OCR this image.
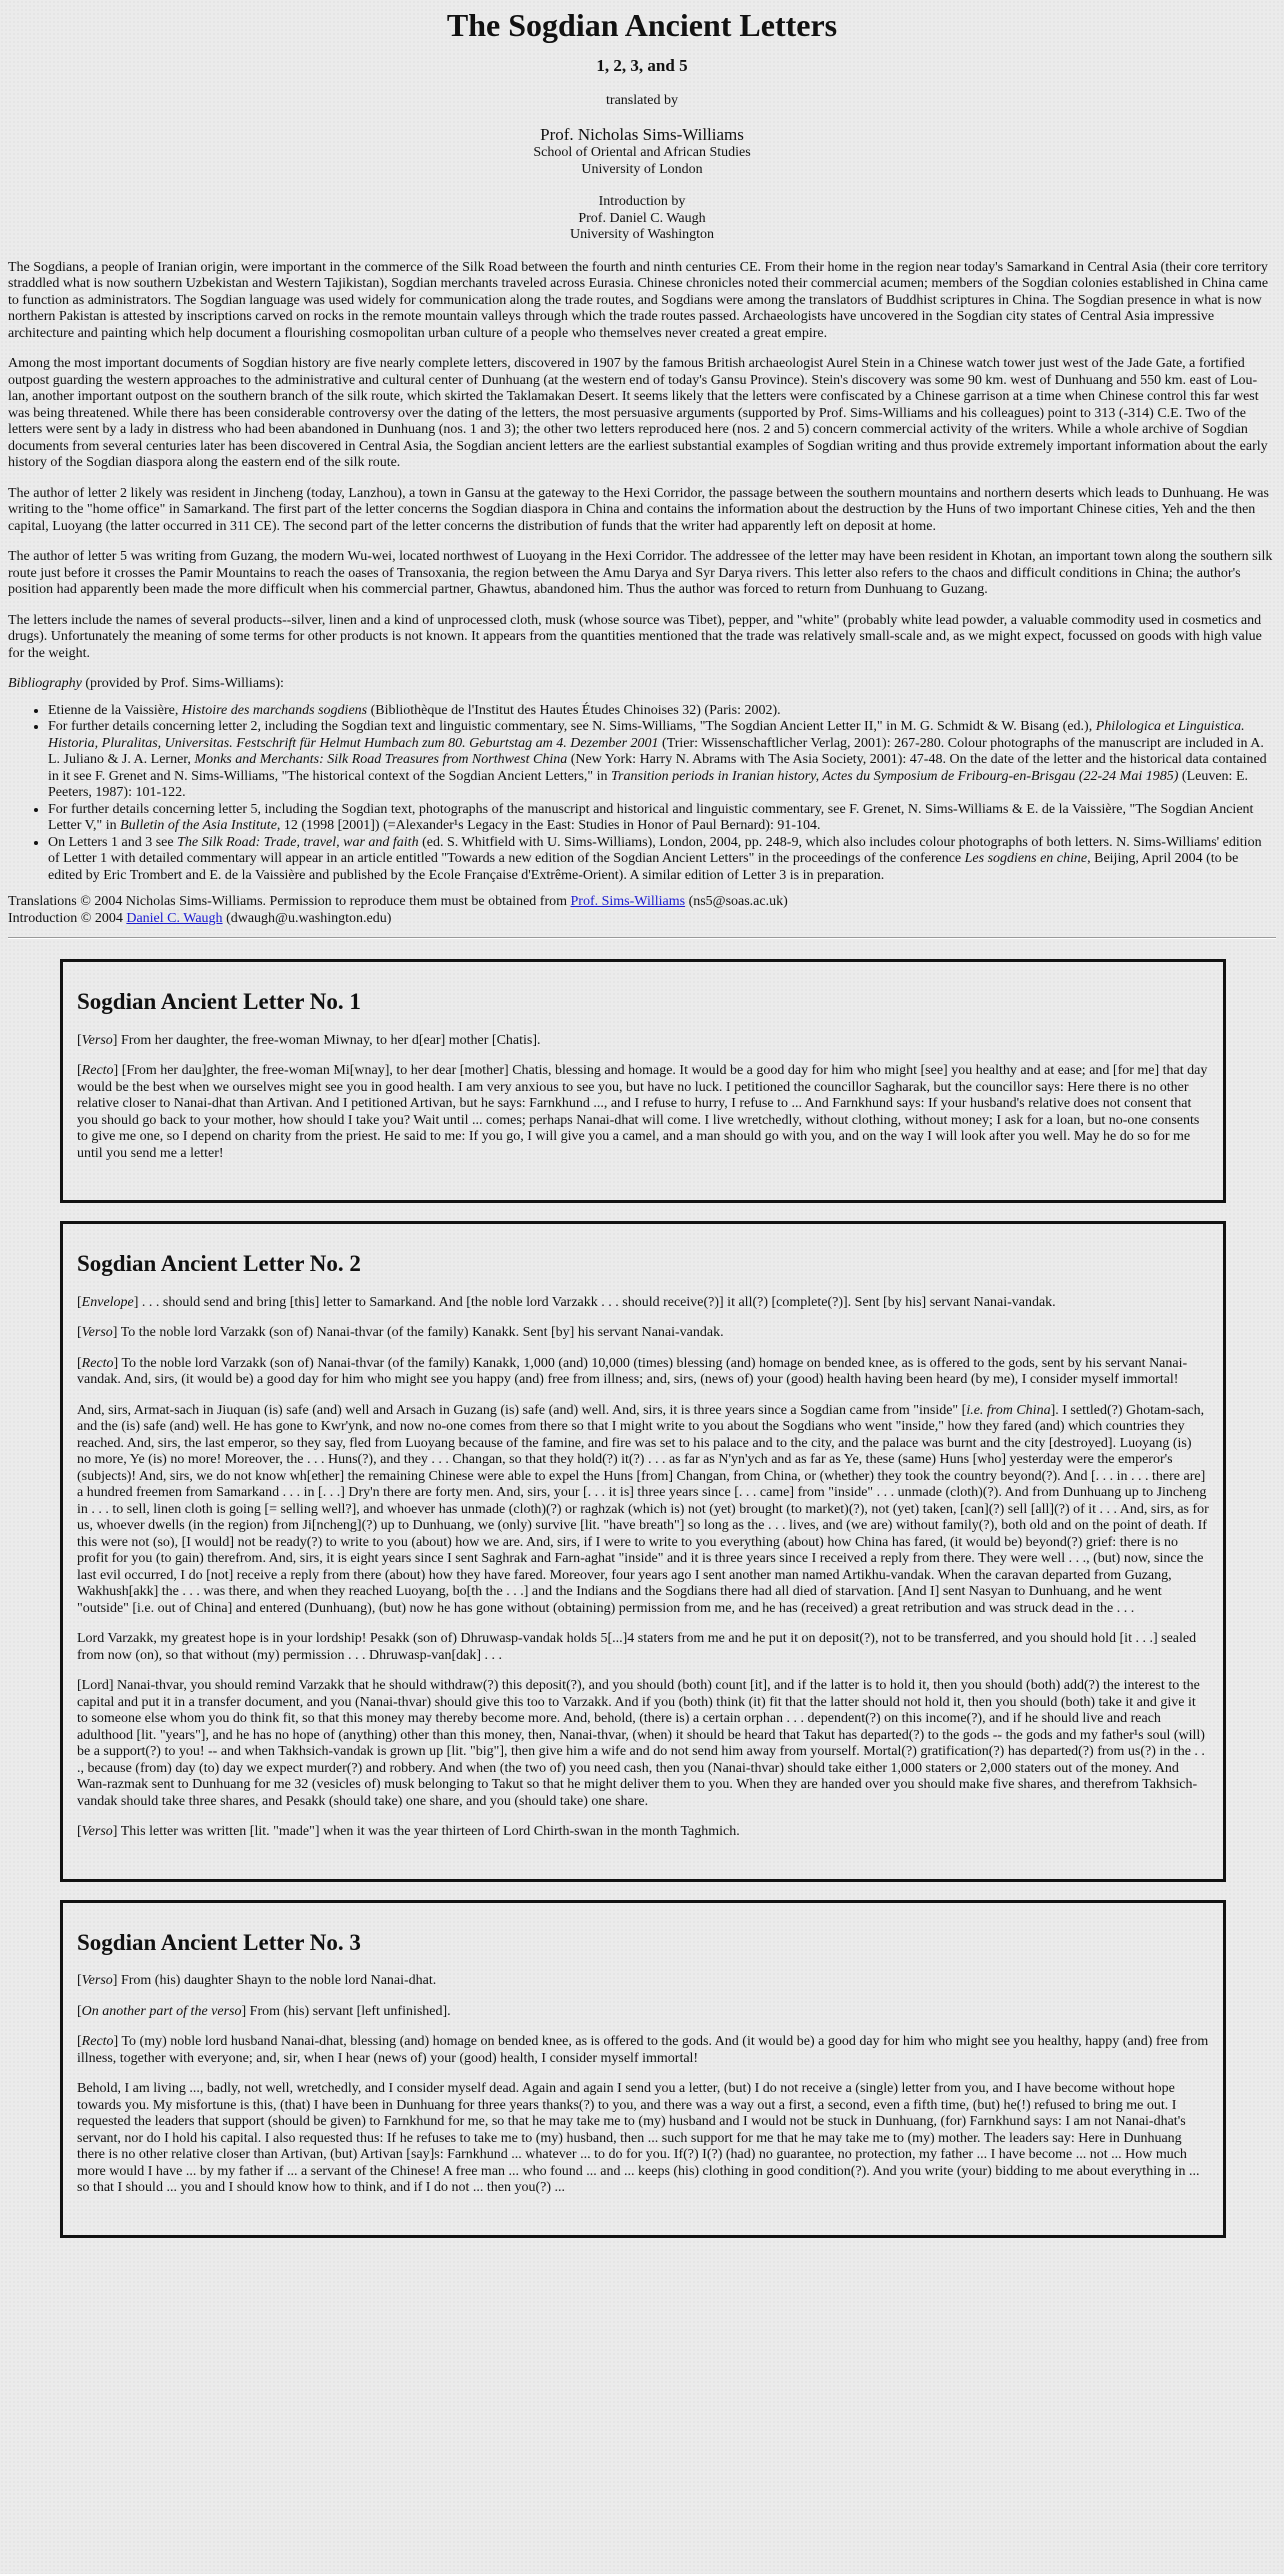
The Sogdian Ancient Letters
1, 2, 3, and 5

translated by

Prof. Nicholas Sims-Williams

School of Oriental and African Studies

University of London

Introduction by

Prof. Daniel C. Waugh

University of Washington

The Sogdians, a people of Iranian origin, were important in the commerce of the Silk Road between the fourth and ninth centuries CE. From their home in the region near today's Samarkand in Central Asia (their core territory straddled what is now southern Uzbekistan and Western Tajikistan), Sogdian merchants traveled across Eurasia. Chinese chronicles noted their commercial acumen; members of the Sogdian colonies established in China came to function as administrators. The Sogdian language was used widely for communication along the trade routes, and Sogdians were among the translators of Buddhist scriptures in China. The Sogdian presence in what is now northern Pakistan is attested by inscriptions carved on rocks in the remote mountain valleys through which the trade routes passed. Archaeologists have uncovered in the Sogdian city states of Central Asia impressive architecture and painting which help document a flourishing cosmopolitan urban culture of a people who themselves never created a great empire.

Among the most important documents of Sogdian history are five nearly complete letters, discovered in 1907 by the famous British archaeologist Aurel Stein in a Chinese watch tower just west of the Jade Gate, a fortified outpost guarding the western approaches to the administrative and cultural center of Dunhuang (at the western end of today's Gansu Province). Stein's discovery was some 90 km. west of Dunhuang and 550 km. east of Lou-lan, another important outpost on the southern branch of the silk route, which skirted the Taklamakan Desert. It seems likely that the letters were confiscated by a Chinese garrison at a time when Chinese control this far west was being threatened. While there has been considerable controversy over the dating of the letters, the most persuasive arguments (supported by Prof. Sims-Williams and his colleagues) point to 313 (-314) C.E. Two of the letters were sent by a lady in distress who had been abandoned in Dunhuang (nos. 1 and 3); the other two letters reproduced here (nos. 2 and 5) concern commercial activity of the writers. While a whole archive of Sogdian documents from several centuries later has been discovered in Central Asia, the Sogdian ancient letters are the earliest substantial examples of Sogdian writing and thus provide extremely important information about the early history of the Sogdian diaspora along the eastern end of the silk route.

The author of letter 2 likely was resident in Jincheng (today, Lanzhou), a town in Gansu at the gateway to the Hexi Corridor, the passage between the southern mountains and northern deserts which leads to Dunhuang. He was writing to the "home office" in Samarkand. The first part of the letter concerns the Sogdian diaspora in China and contains the information about the destruction by the Huns of two important Chinese cities, Yeh and the then capital, Luoyang (the latter occurred in 311 CE). The second part of the letter concerns the distribution of funds that the writer had apparently left on deposit at home.

The author of letter 5 was writing from Guzang, the modern Wu-wei, located northwest of Luoyang in the Hexi Corridor. The addressee of the letter may have been resident in Khotan, an important town along the southern silk route just before it crosses the Pamir Mountains to reach the oases of Transoxania, the region between the Amu Darya and Syr Darya rivers. This letter also refers to the chaos and difficult conditions in China; the author's position had apparently been made the more difficult when his commercial partner, Ghawtus, abandoned him. Thus the author was forced to return from Dunhuang to Guzang.

The letters include the names of several products--silver, linen and a kind of unprocessed cloth, musk (whose source was Tibet), pepper, and "white" (probably white lead powder, a valuable commodity used in cosmetics and drugs). Unfortunately the meaning of some terms for other products is not known. It appears from the quantities mentioned that the trade was relatively small-scale and, as we might expect, focussed on goods with high value for the weight.

Bibliography (provided by Prof. Sims-Williams):

• Etienne de la Vaissière, Histoire des marchands sogdiens (Bibliothèque de l'Institut des Hautes Études Chinoises 32) (Paris: 2002).
• For further details concerning letter 2, including the Sogdian text and linguistic commentary, see N. Sims-Williams, "The Sogdian Ancient Letter II," in M. G. Schmidt & W. Bisang (ed.), Philologica et Linguistica. Historia, Pluralitas, Universitas. Festschrift für Helmut Humbach zum 80. Geburtstag am 4. Dezember 2001 (Trier: Wissenschaftlicher Verlag, 2001): 267-280. Colour photographs of the manuscript are included in A. L. Juliano & J. A. Lerner, Monks and Merchants: Silk Road Treasures from Northwest China (New York: Harry N. Abrams with The Asia Society, 2001): 47-48. On the date of the letter and the historical data contained in it see F. Grenet and N. Sims-Williams, "The historical context of the Sogdian Ancient Letters," in Transition periods in Iranian history, Actes du Symposium de Fribourg-en-Brisgau (22-24 Mai 1985) (Leuven: E. Peeters, 1987): 101-122.
• For further details concerning letter 5, including the Sogdian text, photographs of the manuscript and historical and linguistic commentary, see F. Grenet, N. Sims-Williams & E. de la Vaissière, "The Sogdian Ancient Letter V," in Bulletin of the Asia Institute, 12 (1998 [2001]) (=Alexander¹s Legacy in the East: Studies in Honor of Paul Bernard): 91-104.
• On Letters 1 and 3 see The Silk Road: Trade, travel, war and faith (ed. S. Whitfield with U. Sims-Williams), London, 2004, pp. 248-9, which also includes colour photographs of both letters. N. Sims-Williams' edition of Letter 1 with detailed commentary will appear in an article entitled "Towards a new edition of the Sogdian Ancient Letters" in the proceedings of the conference Les sogdiens en chine, Beijing, April 2004 (to be edited by Eric Trombert and E. de la Vaissière and published by the Ecole Française d'Extrême-Orient). A similar edition of Letter 3 is in preparation.
Translations © 2004 Nicholas Sims-Williams. Permission to reproduce them must be obtained from Prof. Sims-Williams (ns5@soas.ac.uk)
Introduction © 2004 Daniel C. Waugh (dwaugh@u.washington.edu)
Sogdian Ancient Letter No. 1

[Verso] From her daughter, the free-woman Miwnay, to her d[ear] mother [Chatis].

[Recto] [From her dau]ghter, the free-woman Mi[wnay], to her dear [mother] Chatis, blessing and homage. It would be a good day for him who might [see] you healthy and at ease; and [for me] that day would be the best when we ourselves might see you in good health. I am very anxious to see you, but have no luck. I petitioned the councillor Sagharak, but the councillor says: Here there is no other relative closer to Nanai-dhat than Artivan. And I petitioned Artivan, but he says: Farnkhund ..., and I refuse to hurry, I refuse to ... And Farnkhund says: If your husband's relative does not consent that you should go back to your mother, how should I take you? Wait until ... comes; perhaps Nanai-dhat will come. I live wretchedly, without clothing, without money; I ask for a loan, but no-one consents to give me one, so I depend on charity from the priest. He said to me: If you go, I will give you a camel, and a man should go with you, and on the way I will look after you well. May he do so for me until you send me a letter!

Sogdian Ancient Letter No. 2

[Envelope] . . . should send and bring [this] letter to Samarkand. And [the noble lord Varzakk . . . should receive(?)] it all(?) [complete(?)]. Sent [by his] servant Nanai-vandak.

[Verso] To the noble lord Varzakk (son of) Nanai-thvar (of the family) Kanakk. Sent [by] his servant Nanai-vandak.

[Recto] To the noble lord Varzakk (son of) Nanai-thvar (of the family) Kanakk, 1,000 (and) 10,000 (times) blessing (and) homage on bended knee, as is offered to the gods, sent by his servant Nanai-vandak. And, sirs, (it would be) a good day for him who might see you happy (and) free from illness; and, sirs, (news of) your (good) health having been heard (by me), I consider myself immortal!

And, sirs, Armat-sach in Jiuquan (is) safe (and) well and Arsach in Guzang (is) safe (and) well. And, sirs, it is three years since a Sogdian came from "inside" [i.e. from China]. I settled(?) Ghotam-sach, and the (is) safe (and) well. He has gone to Kwr'ynk, and now no-one comes from there so that I might write to you about the Sogdians who went "inside," how they fared (and) which countries they reached. And, sirs, the last emperor, so they say, fled from Luoyang because of the famine, and fire was set to his palace and to the city, and the palace was burnt and the city [destroyed]. Luoyang (is) no more, Ye (is) no more! Moreover, the . . . Huns(?), and they . . . Changan, so that they hold(?) it(?) . . . as far as N'yn'ych and as far as Ye, these (same) Huns [who] yesterday were the emperor's (subjects)! And, sirs, we do not know wh[ether] the remaining Chinese were able to expel the Huns [from] Changan, from China, or (whether) they took the country beyond(?). And [. . . in . . . there are] a hundred freemen from Samarkand . . . in [. . .] Dry'n there are forty men. And, sirs, your [. . . it is] three years since [. . . came] from "inside" . . . unmade (cloth)(?). And from Dunhuang up to Jincheng in . . . to sell, linen cloth is going [= selling well?], and whoever has unmade (cloth)(?) or raghzak (which is) not (yet) brought (to market)(?), not (yet) taken, [can](?) sell [all](?) of it . . . And, sirs, as for us, whoever dwells (in the region) from Ji[ncheng](?) up to Dunhuang, we (only) survive [lit. "have breath"] so long as the . . . lives, and (we are) without family(?), both old and on the point of death. If this were not (so), [I would] not be ready(?) to write to you (about) how we are. And, sirs, if I were to write to you everything (about) how China has fared, (it would be) beyond(?) grief: there is no profit for you (to gain) therefrom. And, sirs, it is eight years since I sent Saghrak and Farn-aghat "inside" and it is three years since I received a reply from there. They were well . . ., (but) now, since the last evil occurred, I do [not] receive a reply from there (about) how they have fared. Moreover, four years ago I sent another man named Artikhu-vandak. When the caravan departed from Guzang, Wakhush[akk] the . . . was there, and when they reached Luoyang, bo[th the . . .] and the Indians and the Sogdians there had all died of starvation. [And I] sent Nasyan to Dunhuang, and he went "outside" [i.e. out of China] and entered (Dunhuang), (but) now he has gone without (obtaining) permission from me, and he has (received) a great retribution and was struck dead in the . . .

Lord Varzakk, my greatest hope is in your lordship! Pesakk (son of) Dhruwasp-vandak holds 5[...]4 staters from me and he put it on deposit(?), not to be transferred, and you should hold [it . . .] sealed from now (on), so that without (my) permission . . . Dhruwasp-van[dak] . . .

[Lord] Nanai-thvar, you should remind Varzakk that he should withdraw(?) this deposit(?), and you should (both) count [it], and if the latter is to hold it, then you should (both) add(?) the interest to the capital and put it in a transfer document, and you (Nanai-thvar) should give this too to Varzakk. And if you (both) think (it) fit that the latter should not hold it, then you should (both) take it and give it to someone else whom you do think fit, so that this money may thereby become more. And, behold, (there is) a certain orphan . . . dependent(?) on this income(?), and if he should live and reach adulthood [lit. "years"], and he has no hope of (anything) other than this money, then, Nanai-thvar, (when) it should be heard that Takut has departed(?) to the gods -- the gods and my father¹s soul (will) be a support(?) to you! -- and when Takhsich-vandak is grown up [lit. "big"], then give him a wife and do not send him away from yourself. Mortal(?) gratification(?) has departed(?) from us(?) in the . . ., because (from) day (to) day we expect murder(?) and robbery. And when (the two of) you need cash, then you (Nanai-thvar) should take either 1,000 staters or 2,000 staters out of the money. And Wan-razmak sent to Dunhuang for me 32 (vesicles of) musk belonging to Takut so that he might deliver them to you. When they are handed over you should make five shares, and therefrom Takhsich-vandak should take three shares, and Pesakk (should take) one share, and you (should take) one share.

[Verso] This letter was written [lit. "made"] when it was the year thirteen of Lord Chirth-swan in the month Taghmich.

Sogdian Ancient Letter No. 3

[Verso] From (his) daughter Shayn to the noble lord Nanai-dhat.

[On another part of the verso] From (his) servant [left unfinished].

[Recto] To (my) noble lord husband Nanai-dhat, blessing (and) homage on bended knee, as is offered to the gods. And (it would be) a good day for him who might see you healthy, happy (and) free from illness, together with everyone; and, sir, when I hear (news of) your (good) health, I consider myself immortal!

Behold, I am living ..., badly, not well, wretchedly, and I consider myself dead. Again and again I send you a letter, (but) I do not receive a (single) letter from you, and I have become without hope towards you. My misfortune is this, (that) I have been in Dunhuang for three years thanks(?) to you, and there was a way out a first, a second, even a fifth time, (but) he(!) refused to bring me out. I requested the leaders that support (should be given) to Farnkhund for me, so that he may take me to (my) husband and I would not be stuck in Dunhuang, (for) Farnkhund says: I am not Nanai-dhat's servant, nor do I hold his capital. I also requested thus: If he refuses to take me to (my) husband, then ... such support for me that he may take me to (my) mother. The leaders say: Here in Dunhuang there is no other relative closer than Artivan, (but) Artivan [say]s: Farnkhund ... whatever ... to do for you. If(?) I(?) (had) no guarantee, no protection, my father ... I have become ... not ... How much more would I have ... by my father if ... a servant of the Chinese! A free man ... who found ... and ... keeps (his) clothing in good condition(?). And you write (your) bidding to me about everything in ... so that I should ... you and I should know how to think, and if I do not ... then you(?) ...
